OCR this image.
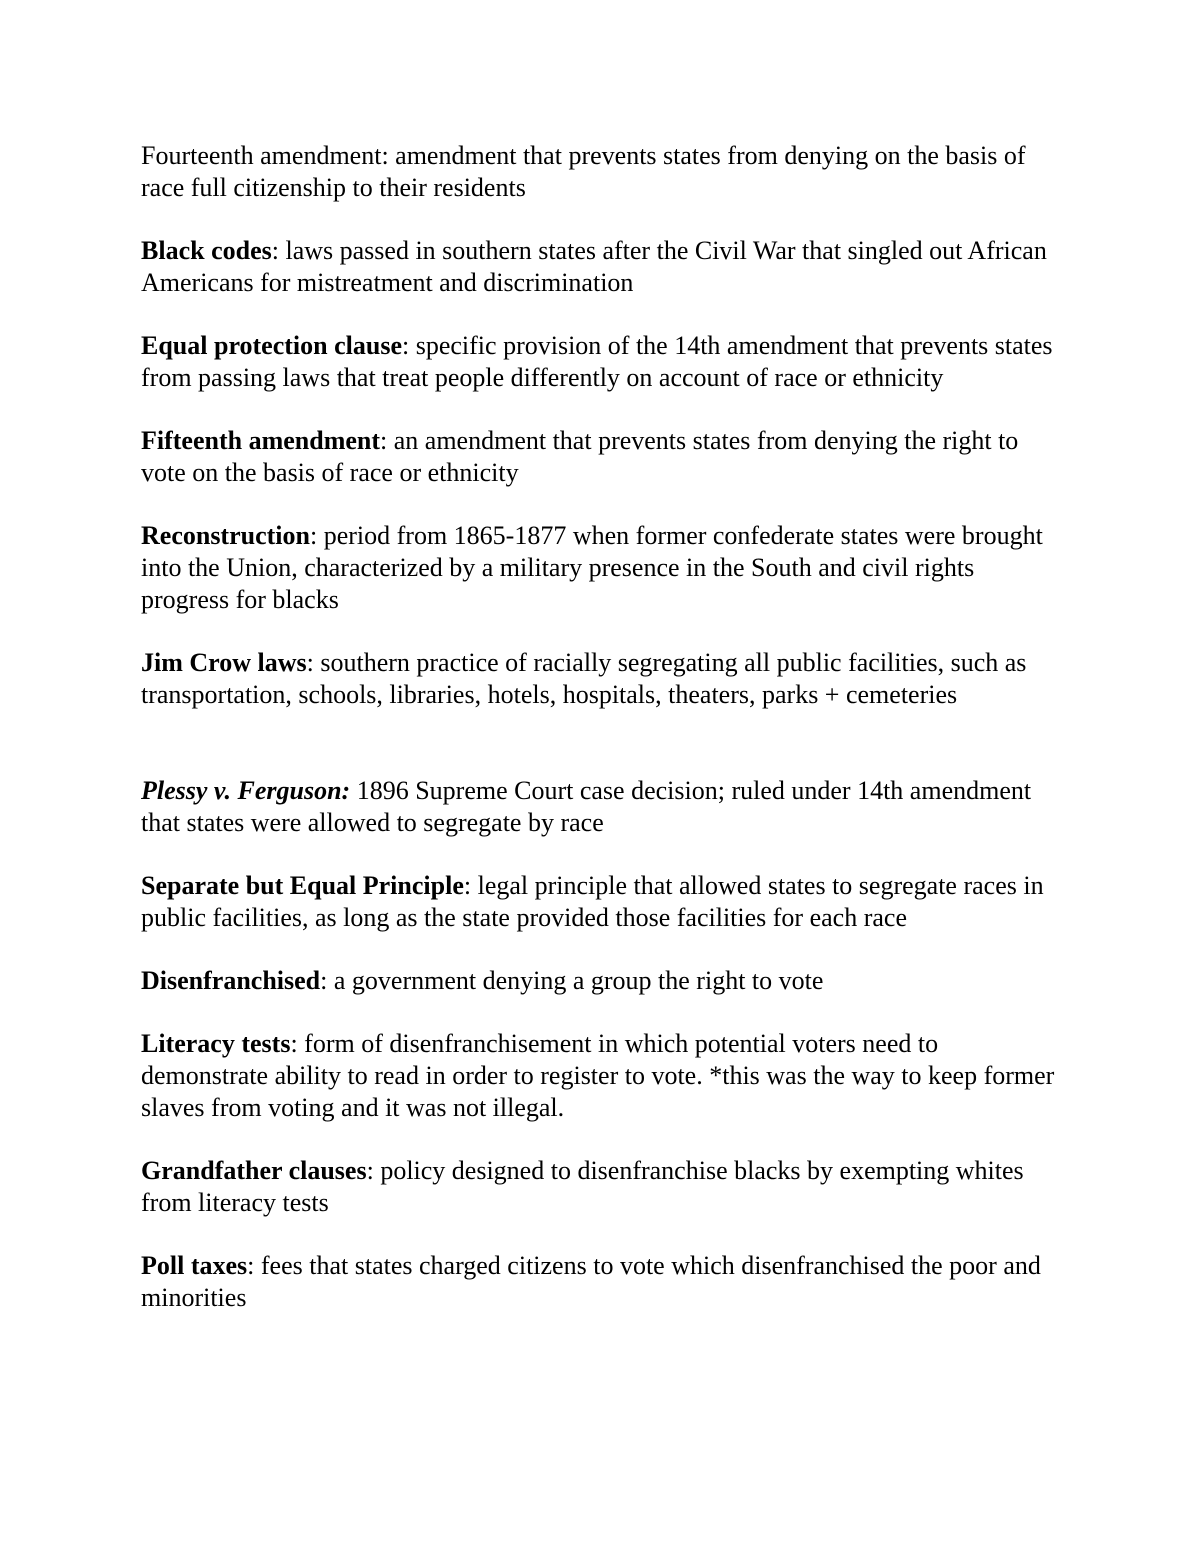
Fourteenth amendment: amendment that prevents states from denying on the basis of race full citizenship to their residents

Black codes: laws passed in southern states after the Civil War that singled out African Americans for mistreatment and discrimination

Equal protection clause: specific provision of the 14th amendment that prevents states from passing laws that treat people differently on account of race or ethnicity

Fifteenth amendment: an amendment that prevents states from denying the right to vote on the basis of race or ethnicity

Reconstruction: period from 1865-1877 when former confederate states were brought into the Union, characterized by a military presence in the South and civil rights progress for blacks

Jim Crow laws: southern practice of racially segregating all public facilities, such as transportation, schools, libraries, hotels, hospitals, theaters, parks + cemeteries

Plessy v. Ferguson: 1896 Supreme Court case decision; ruled under 14th amendment that states were allowed to segregate by race

Separate but Equal Principle: legal principle that allowed states to segregate races in public facilities, as long as the state provided those facilities for each race

Disenfranchised: a government denying a group the right to vote

Literacy tests: form of disenfranchisement in which potential voters need to demonstrate ability to read in order to register to vote. *this was the way to keep former slaves from voting and it was not illegal.

Grandfather clauses: policy designed to disenfranchise blacks by exempting whites from literacy tests

Poll taxes: fees that states charged citizens to vote which disenfranchised the poor and minorities
